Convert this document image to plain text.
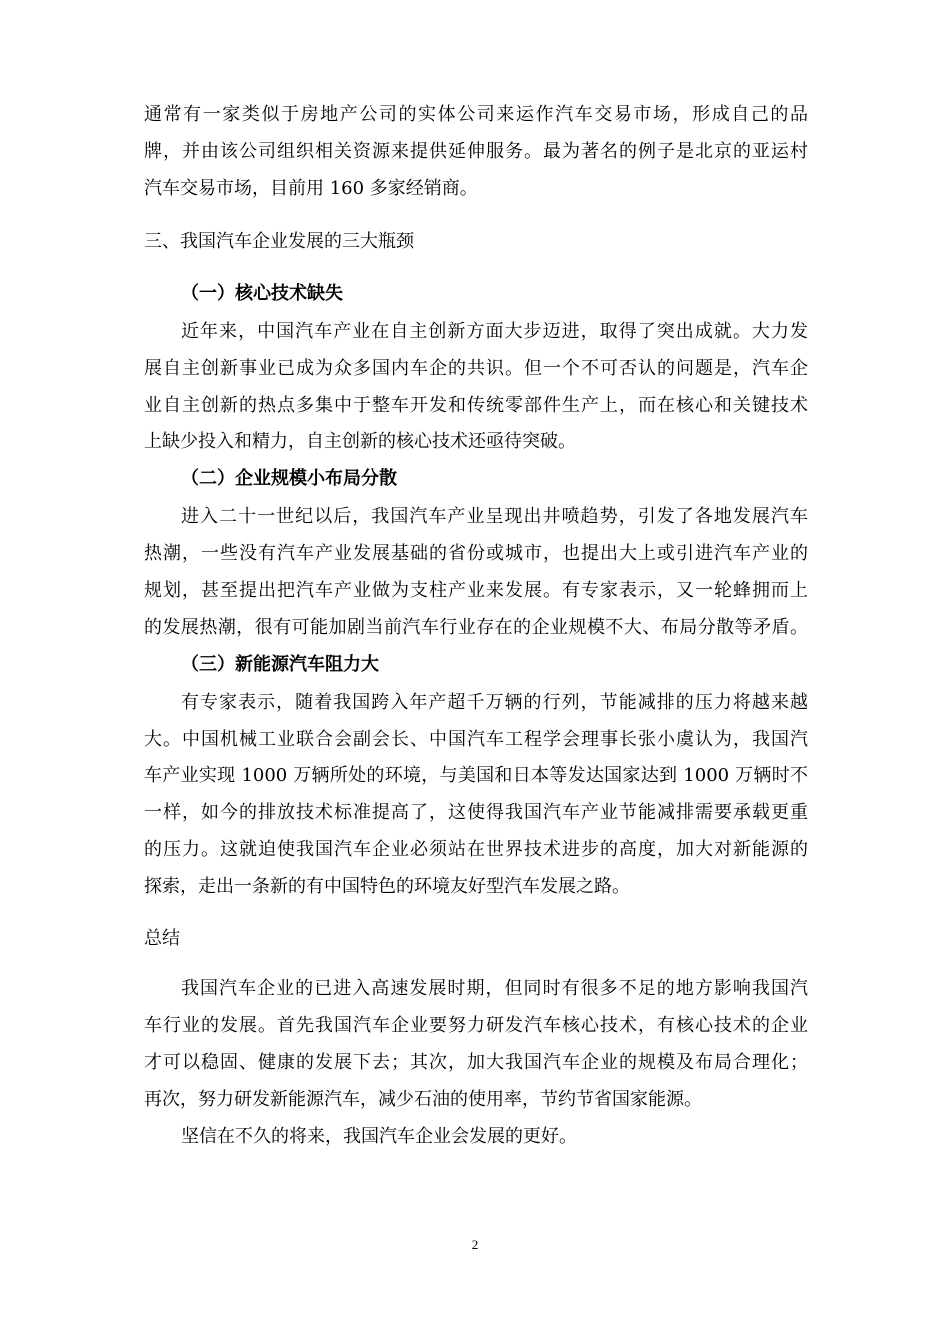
通常有一家类似于房地产公司的实体公司来运作汽车交易市场，形成自己的品
牌，并由该公司组织相关资源来提供延伸服务。最为著名的例子是北京的亚运村
汽车交易市场，目前用 160 多家经销商。
三、我国汽车企业发展的三大瓶颈
（一）核心技术缺失
近年来，中国汽车产业在自主创新方面大步迈进，取得了突出成就。大力发
展自主创新事业已成为众多国内车企的共识。但一个不可否认的问题是，汽车企
业自主创新的热点多集中于整车开发和传统零部件生产上，而在核心和关键技术
上缺少投入和精力，自主创新的核心技术还亟待突破。
（二）企业规模小布局分散
进入二十一世纪以后，我国汽车产业呈现出井喷趋势，引发了各地发展汽车
热潮，一些没有汽车产业发展基础的省份或城市，也提出大上或引进汽车产业的
规划，甚至提出把汽车产业做为支柱产业来发展。有专家表示，又一轮蜂拥而上
的发展热潮，很有可能加剧当前汽车行业存在的企业规模不大、布局分散等矛盾。
（三）新能源汽车阻力大
有专家表示，随着我国跨入年产超千万辆的行列，节能减排的压力将越来越
大。中国机械工业联合会副会长、中国汽车工程学会理事长张小虞认为，我国汽
车产业实现 1000 万辆所处的环境，与美国和日本等发达国家达到 1000 万辆时不
一样，如今的排放技术标准提高了，这使得我国汽车产业节能减排需要承载更重
的压力。这就迫使我国汽车企业必须站在世界技术进步的高度，加大对新能源的
探索，走出一条新的有中国特色的环境友好型汽车发展之路。
总结
我国汽车企业的已进入高速发展时期，但同时有很多不足的地方影响我国汽
车行业的发展。首先我国汽车企业要努力研发汽车核心技术，有核心技术的企业
才可以稳固、健康的发展下去；其次，加大我国汽车企业的规模及布局合理化；
再次，努力研发新能源汽车，减少石油的使用率，节约节省国家能源。
坚信在不久的将来，我国汽车企业会发展的更好。
2
